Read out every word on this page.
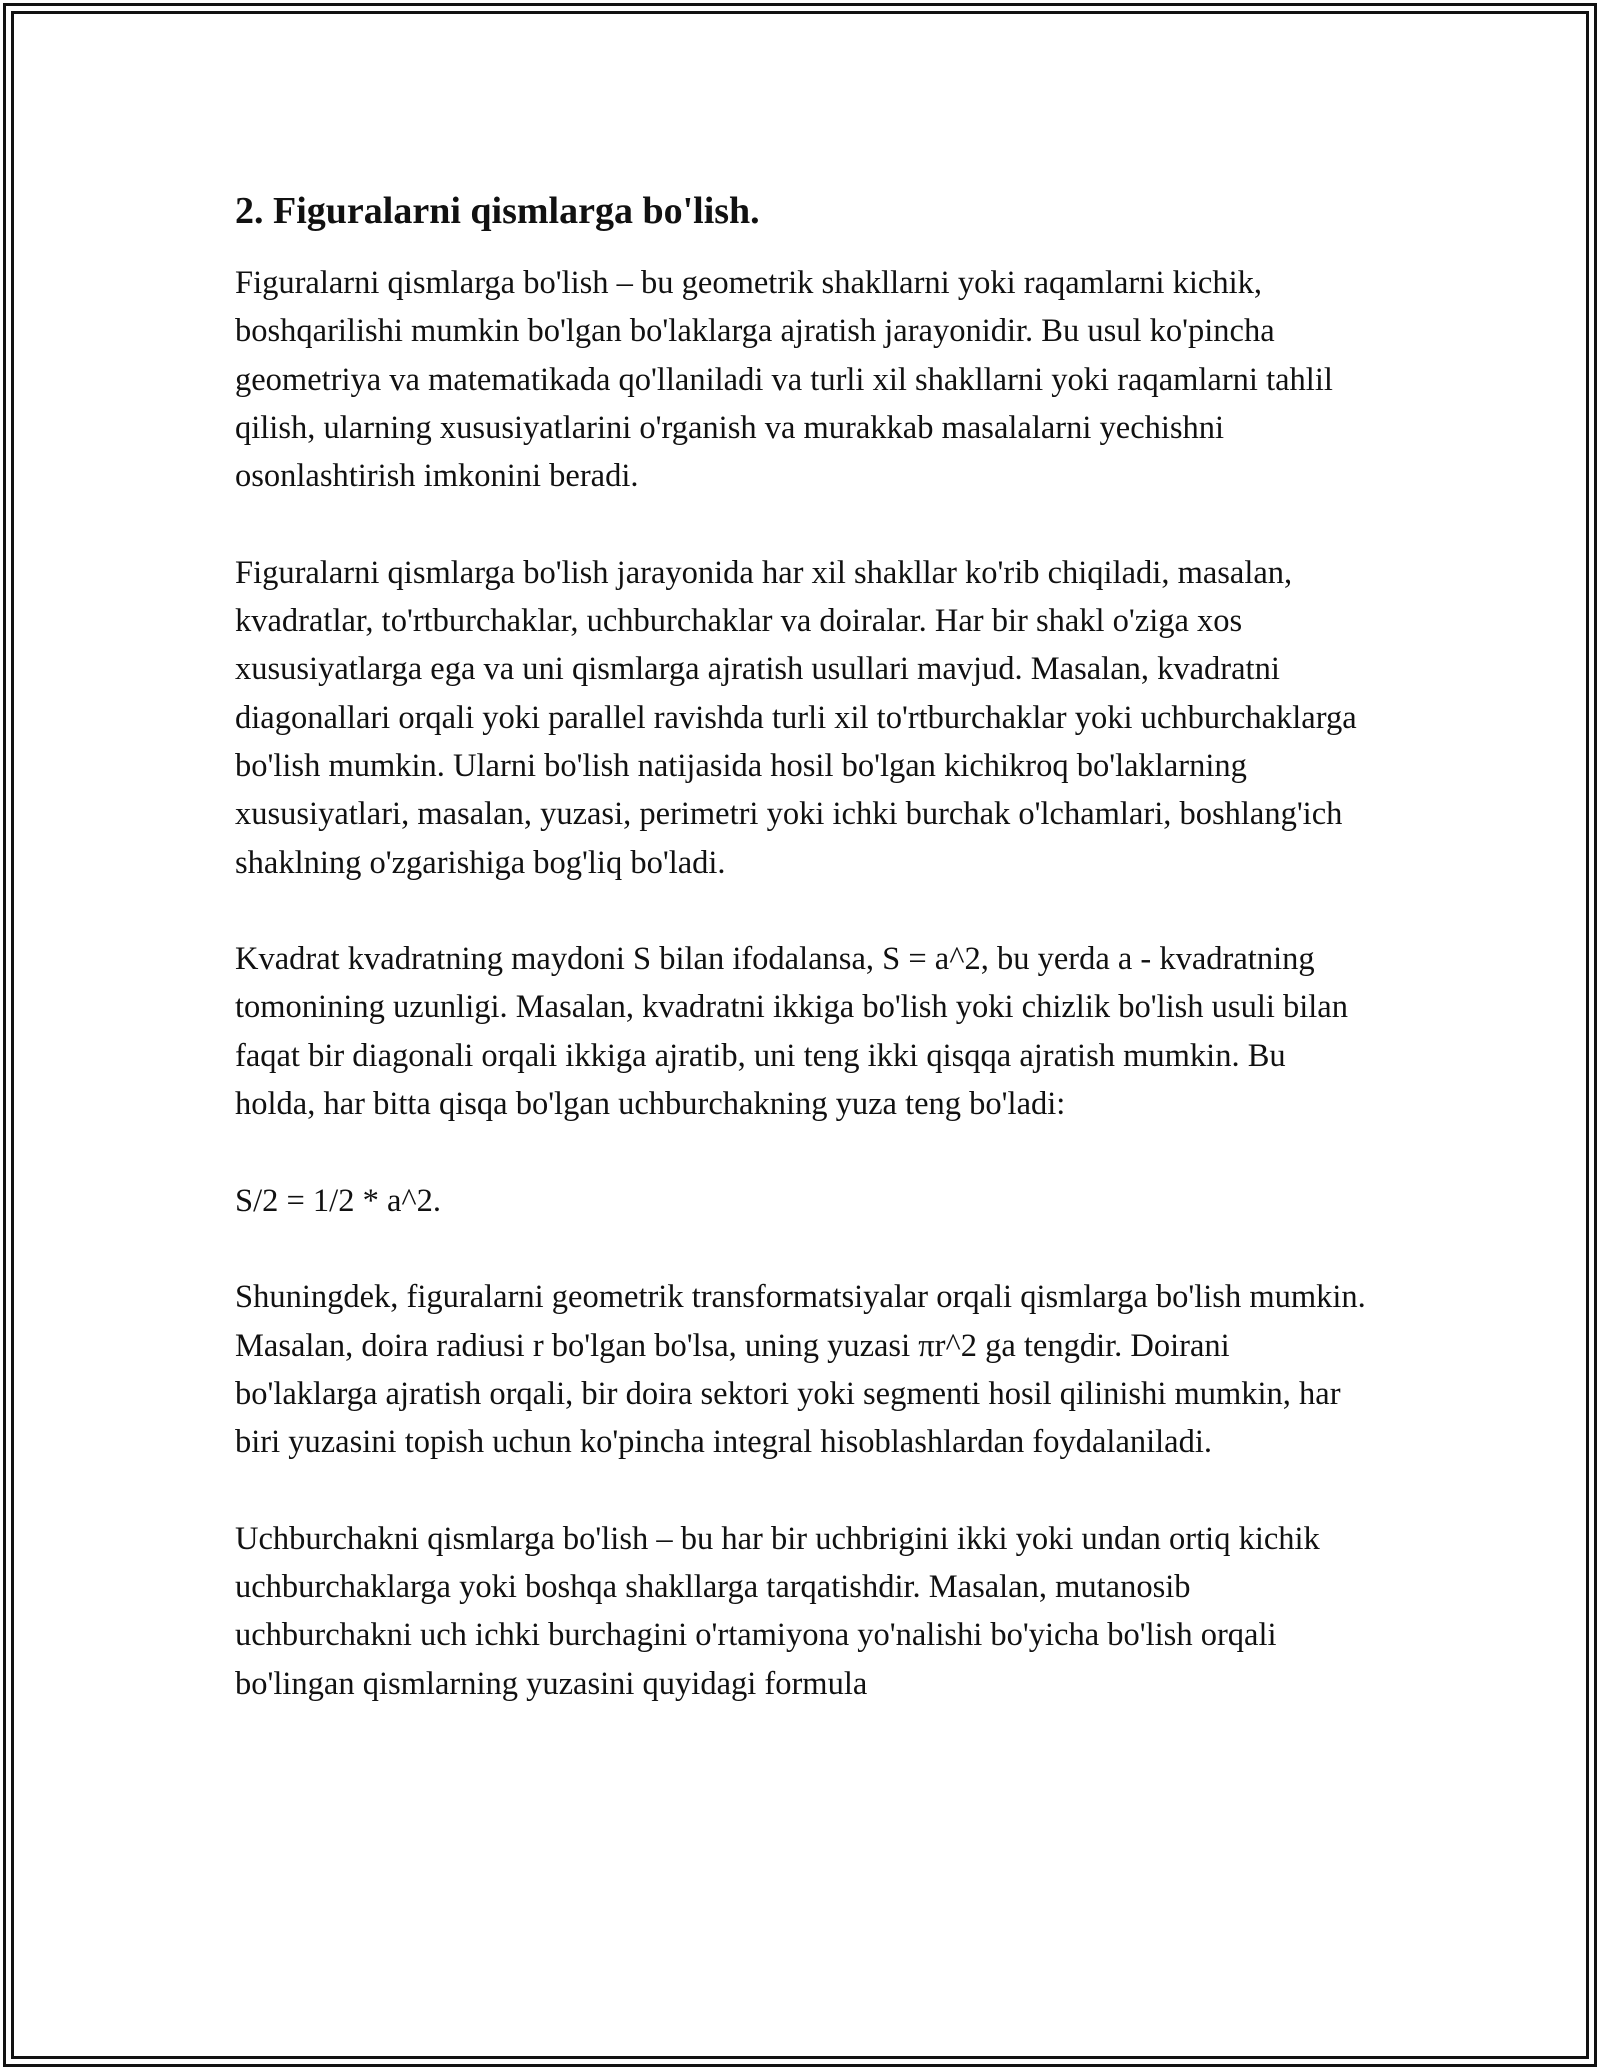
2. Figuralarni qismlarga bo'lish.

Figuralarni qismlarga bo'lish – bu geometrik shakllarni yoki raqamlarni kichik, boshqarilishi mumkin bo'lgan bo'laklarga ajratish jarayonidir. Bu usul ko'pincha geometriya va matematikada qo'llaniladi va turli xil shakllarni yoki raqamlarni tahlil qilish, ularning xususiyatlarini o'rganish va murakkab masalalarni yechishni osonlashtirish imkonini beradi.

Figuralarni qismlarga bo'lish jarayonida har xil shakllar ko'rib chiqiladi, masalan, kvadratlar, to'rtburchaklar, uchburchaklar va doiralar. Har bir shakl o'ziga xos xususiyatlarga ega va uni qismlarga ajratish usullari mavjud. Masalan, kvadratni diagonallari orqali yoki parallel ravishda turli xil to'rtburchaklar yoki uchburchaklarga bo'lish mumkin. Ularni bo'lish natijasida hosil bo'lgan kichikroq bo'laklarning xususiyatlari, masalan, yuzasi, perimetri yoki ichki burchak o'lchamlari, boshlang'ich shaklning o'zgarishiga bog'liq bo'ladi.

Kvadrat kvadratning maydoni S bilan ifodalansa, S = a^2, bu yerda a - kvadratning tomonining uzunligi. Masalan, kvadratni ikkiga bo'lish yoki chizlik bo'lish usuli bilan faqat bir diagonali orqali ikkiga ajratib, uni teng ikki qisqqa ajratish mumkin. Bu holda, har bitta qisqa bo'lgan uchburchakning yuza teng bo'ladi:

S/2 = 1/2 * a^2.

Shuningdek, figuralarni geometrik transformatsiyalar orqali qismlarga bo'lish mumkin. Masalan, doira radiusi r bo'lgan bo'lsa, uning yuzasi πr^2 ga tengdir. Doirani bo'laklarga ajratish orqali, bir doira sektori yoki segmenti hosil qilinishi mumkin, har biri yuzasini topish uchun ko'pincha integral hisoblashlardan foydalaniladi.

Uchburchakni qismlarga bo'lish – bu har bir uchbrigini ikki yoki undan ortiq kichik uchburchaklarga yoki boshqa shakllarga tarqatishdir. Masalan, mutanosib uchburchakni uch ichki burchagini o'rtamiyona yo'nalishi bo'yicha bo'lish orqali bo'lingan qismlarning yuzasini quyidagi formula
